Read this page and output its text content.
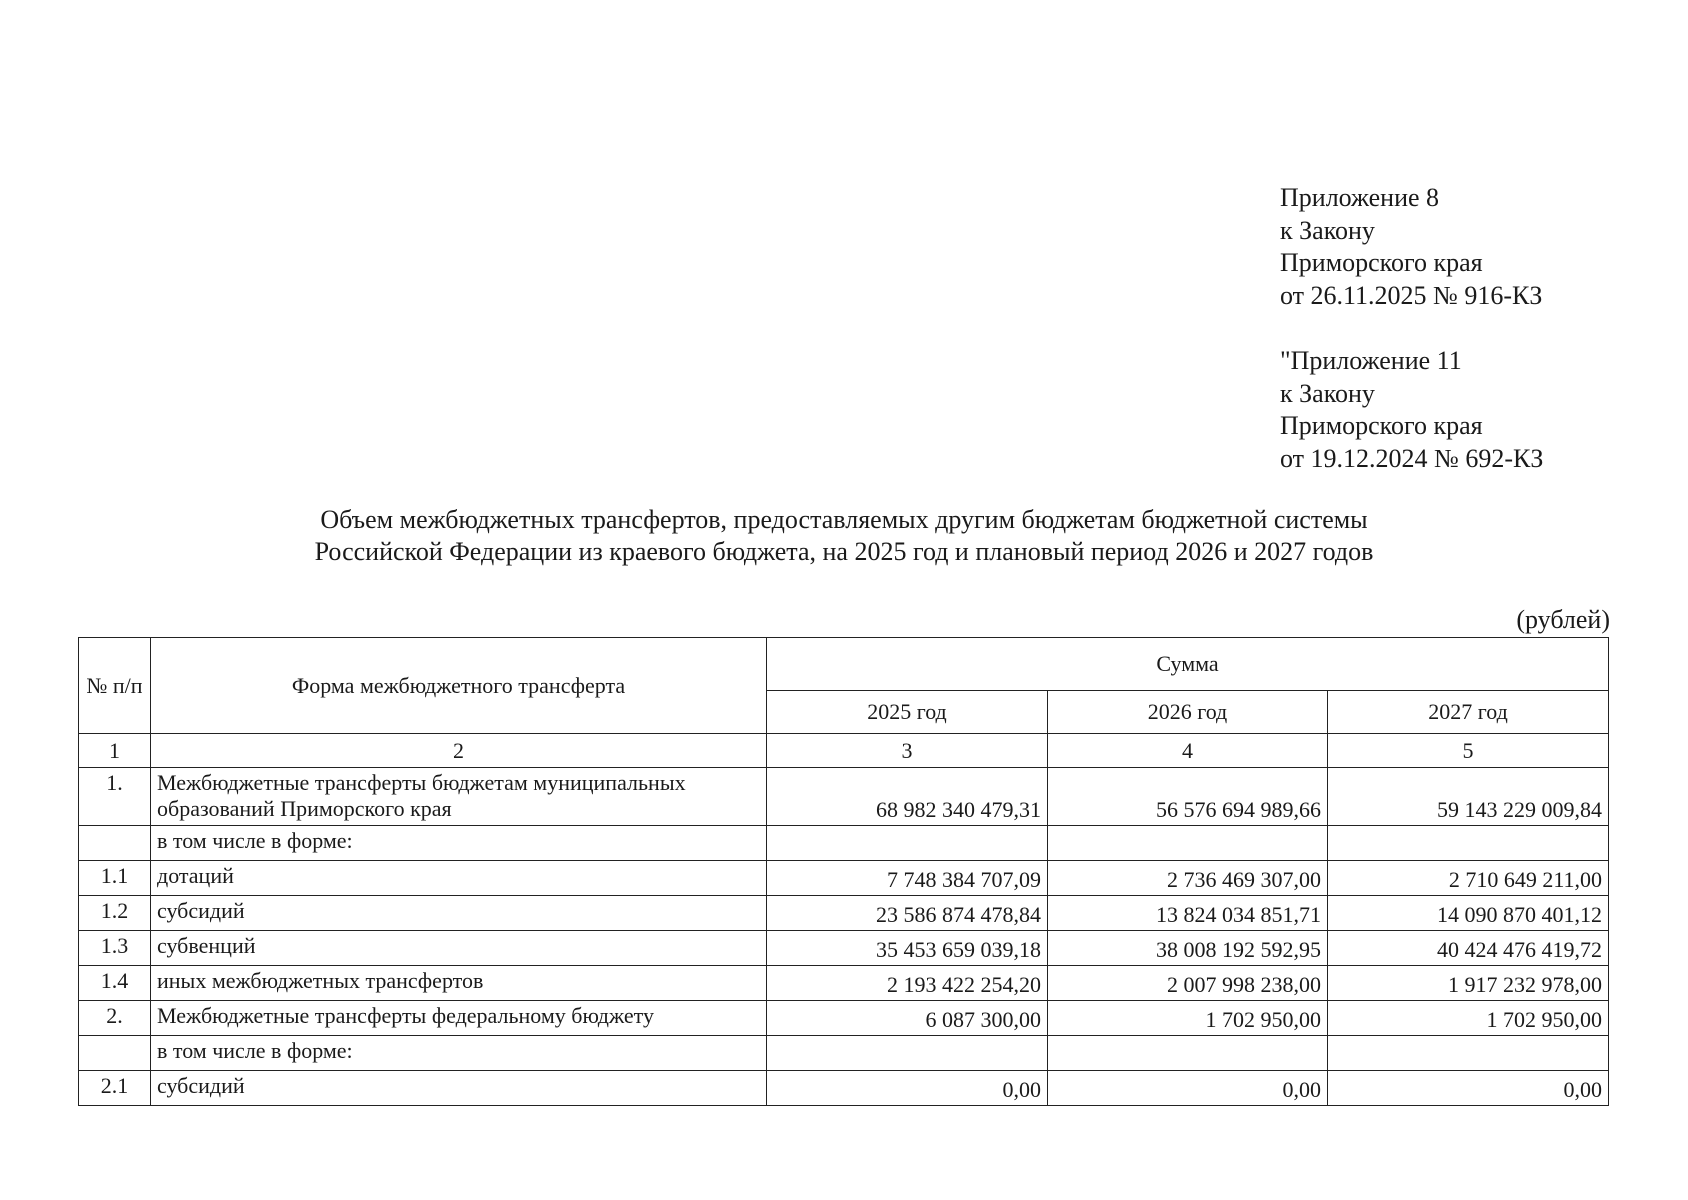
Приложение 8
к Закону
Приморского края
от 26.11.2025 № 916-КЗ
"Приложение 11
к Закону
Приморского края
от 19.12.2024 № 692-КЗ
Объем межбюджетных трансфертов, предоставляемых другим бюджетам бюджетной системы
Российской Федерации из краевого бюджета, на 2025 год и плановый период 2026 и 2027 годов
(рублей)
№ п/п	Форма межбюджетного трансферта	Сумма		
		2025 год	2026 год	2027 год
1	2	3	4	5
1.	Межбюджетные трансферты бюджетам муниципальных
образований Приморского края	68 982 340 479,31	56 576 694 989,66	59 143 229 009,84
	в том числе в форме:			
1.1	дотаций	7 748 384 707,09	2 736 469 307,00	2 710 649 211,00
1.2	субсидий	23 586 874 478,84	13 824 034 851,71	14 090 870 401,12
1.3	субвенций	35 453 659 039,18	38 008 192 592,95	40 424 476 419,72
1.4	иных межбюджетных трансфертов	2 193 422 254,20	2 007 998 238,00	1 917 232 978,00
2.	Межбюджетные трансферты федеральному бюджету	6 087 300,00	1 702 950,00	1 702 950,00
	в том числе в форме:			
2.1	субсидий	0,00	0,00	0,00
